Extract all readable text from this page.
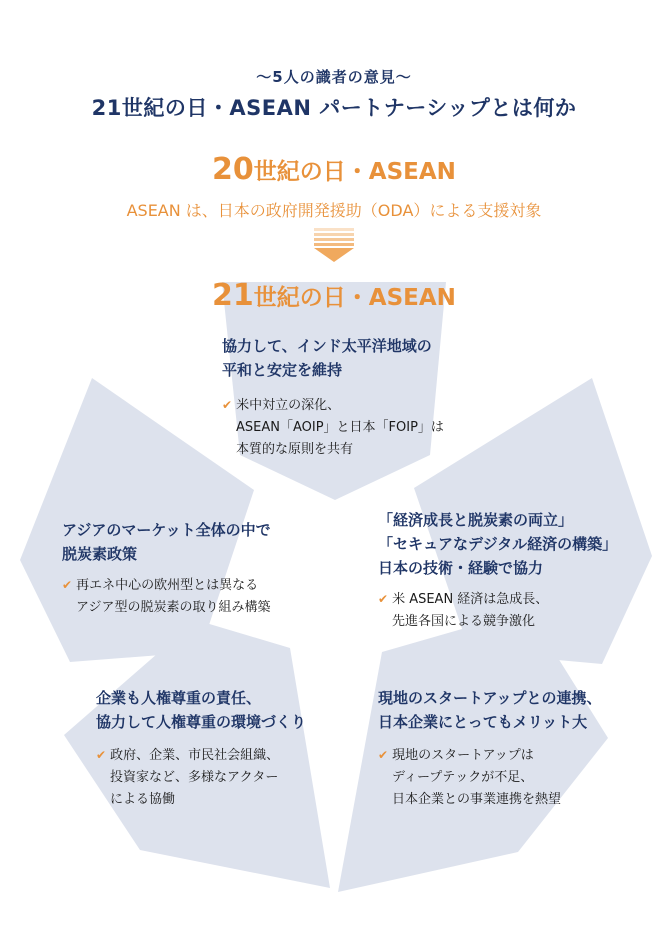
〜5人の識者の意見〜
21世紀の日・ASEAN パートナーシップとは何か
20世紀の日・ASEAN
ASEAN は、日本の政府開発援助（ODA）による支援対象
21世紀の日・ASEAN
協力して、インド太平洋地域の
平和と安定を維持
✔ 米中対立の深化、
ASEAN「AOIP」と日本「FOIP」は
本質的な原則を共有
「経済成長と脱炭素の両立」
「セキュアなデジタル経済の構築」
日本の技術・経験で協力
✔ 米 ASEAN 経済は急成長、
先進各国による競争激化
現地のスタートアップとの連携、
日本企業にとってもメリット大
✔ 現地のスタートアップは
ディープテックが不足、
日本企業との事業連携を熱望
企業も人権尊重の責任、
協力して人権尊重の環境づくり
✔ 政府、企業、市民社会組織、
投資家など、多様なアクター
による協働
アジアのマーケット全体の中で
脱炭素政策
✔ 再エネ中心の欧州型とは異なる
アジア型の脱炭素の取り組み構築
